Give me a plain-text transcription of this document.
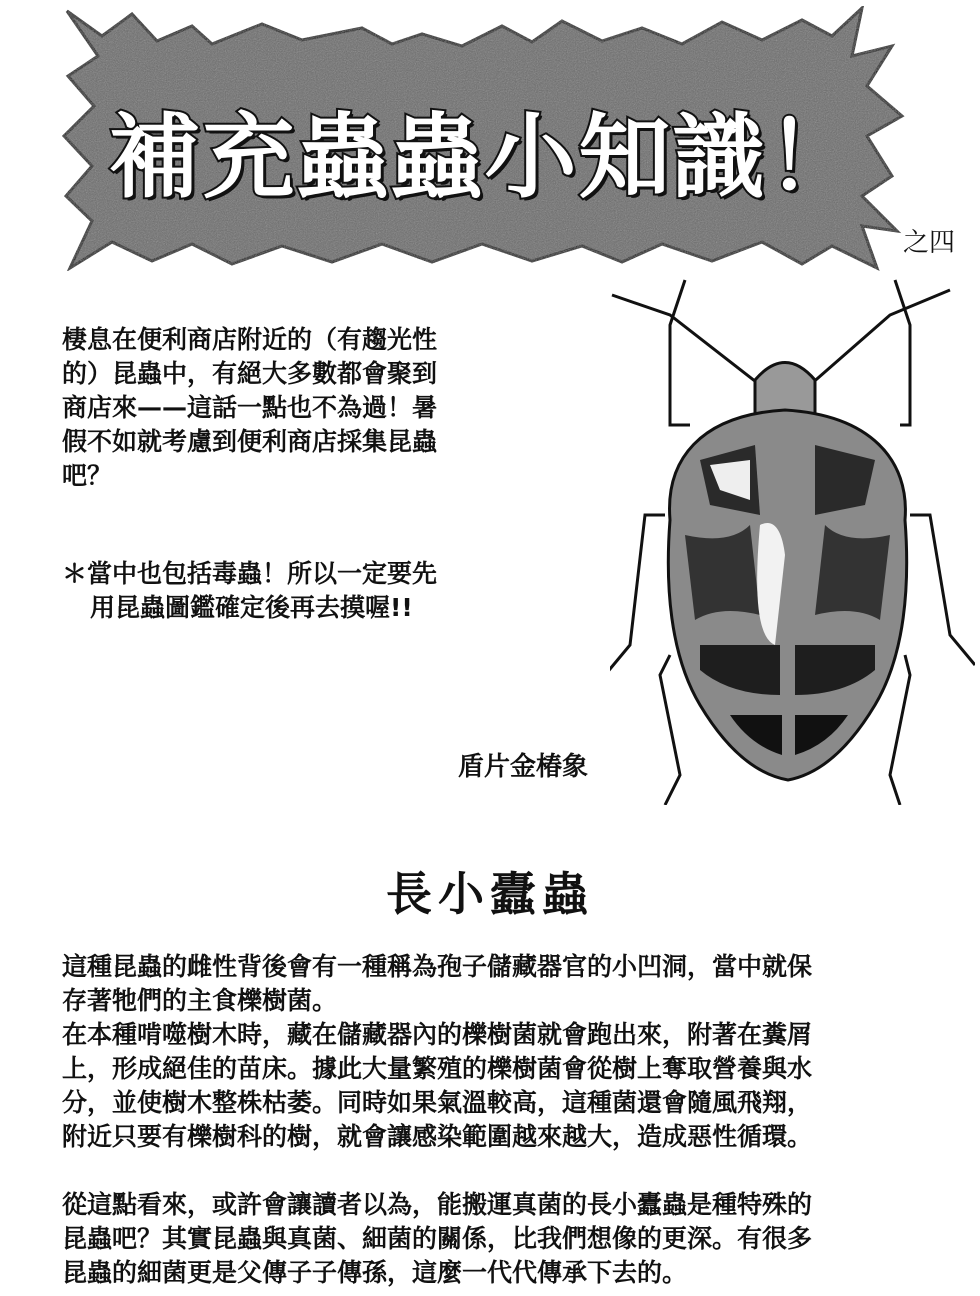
補充蟲蟲小知識！
之四

棲息在便利商店附近的（有趨光性

的）昆蟲中，有絕大多數都會聚到

商店來——這話一點也不為過！暑

假不如就考慮到便利商店採集昆蟲

吧？

＊當中也包括毒蟲！所以一定要先
用昆蟲圖鑑確定後再去摸喔!!
盾片金椿象
長小蠹蟲

這種昆蟲的雌性背後會有一種稱為孢子儲藏器官的小凹洞，當中就保

存著牠們的主食櫟樹菌。

在本種啃噬樹木時，藏在儲藏器內的櫟樹菌就會跑出來，附著在糞屑

上，形成絕佳的苗床。據此大量繁殖的櫟樹菌會從樹上奪取營養與水

分，並使樹木整株枯萎。同時如果氣溫較高，這種菌還會隨風飛翔，

附近只要有櫟樹科的樹，就會讓感染範圍越來越大，造成惡性循環。

從這點看來，或許會讓讀者以為，能搬運真菌的長小蠹蟲是種特殊的

昆蟲吧？其實昆蟲與真菌、細菌的關係，比我們想像的更深。有很多

昆蟲的細菌更是父傳子子傳孫，這麼一代代傳承下去的。
